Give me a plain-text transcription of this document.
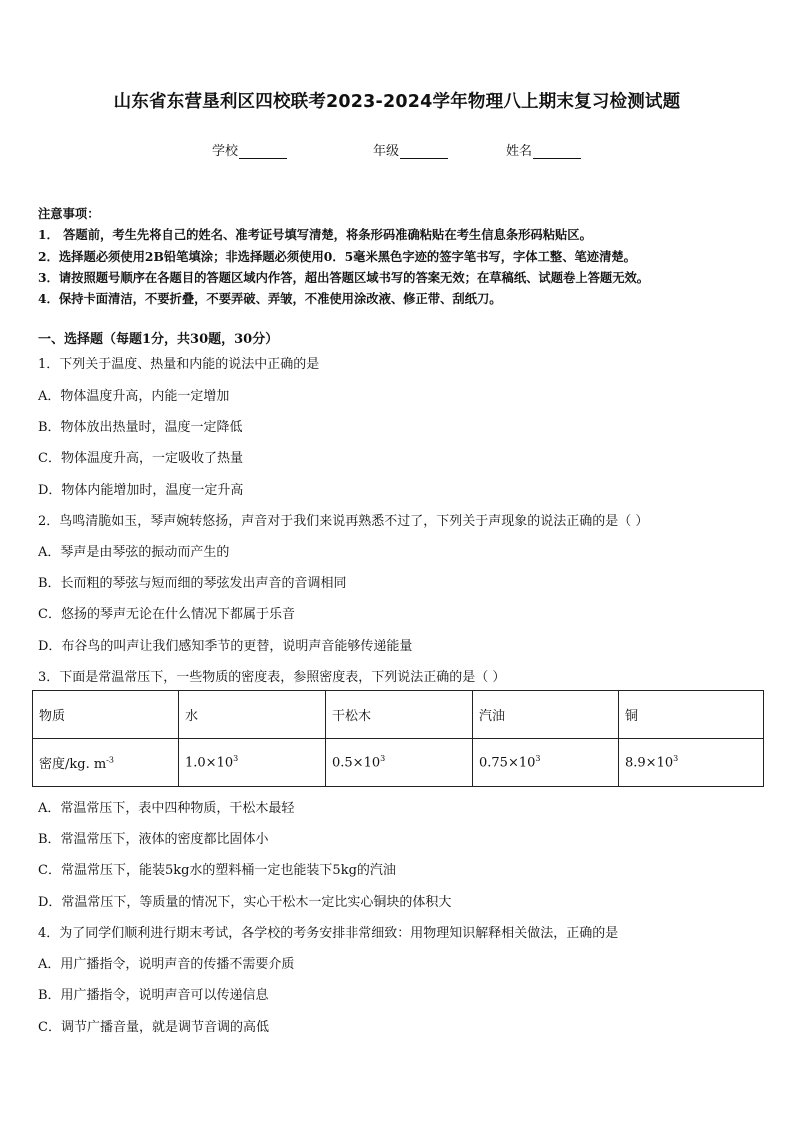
山东省东营垦利区四校联考2023-2024学年物理八上期末复习检测试题
学校	年级	姓名
注意事项：
1． 答题前，考生先将自己的姓名、准考证号填写清楚，将条形码准确粘贴在考生信息条形码粘贴区。
2．选择题必须使用2B铅笔填涂；非选择题必须使用0．5毫米黑色字迹的签字笔书写，字体工整、笔迹清楚。
3．请按照题号顺序在各题目的答题区域内作答，超出答题区域书写的答案无效；在草稿纸、试题卷上答题无效。
4．保持卡面清洁，不要折叠，不要弄破、弄皱，不准使用涂改液、修正带、刮纸刀。
一、选择题（每题1分，共30题，30分）
1．下列关于温度、热量和内能的说法中正确的是
A．物体温度升高，内能一定增加
B．物体放出热量时，温度一定降低
C．物体温度升高，一定吸收了热量
D．物体内能增加时，温度一定升高
2．鸟鸣清脆如玉，琴声婉转悠扬，声音对于我们来说再熟悉不过了，下列关于声现象的说法正确的是（ ）
A．琴声是由琴弦的振动而产生的
B．长而粗的琴弦与短而细的琴弦发出声音的音调相同
C．悠扬的琴声无论在什么情况下都属于乐音
D．布谷鸟的叫声让我们感知季节的更替，说明声音能够传递能量
3．下面是常温常压下，一些物质的密度表，参照密度表，下列说法正确的是（ ）
物质	水	干松木	汽油	铜
密度/kg. $m^{-3}$	$1.0\times 10^3$	$0.5\times 10^3$	$0.75\times 10^3$	$8.9\times 10^3$
A．常温常压下，表中四种物质，干松木最轻
B．常温常压下，液体的密度都比固体小
C．常温常压下，能装5kg水的塑料桶一定也能装下5kg的汽油
D．常温常压下，等质量的情况下，实心干松木一定比实心铜块的体积大
4．为了同学们顺利进行期末考试，各学校的考务安排非常细致：用物理知识解释相关做法，正确的是
A．用广播指令，说明声音的传播不需要介质
B．用广播指令，说明声音可以传递信息
C．调节广播音量，就是调节音调的高低
